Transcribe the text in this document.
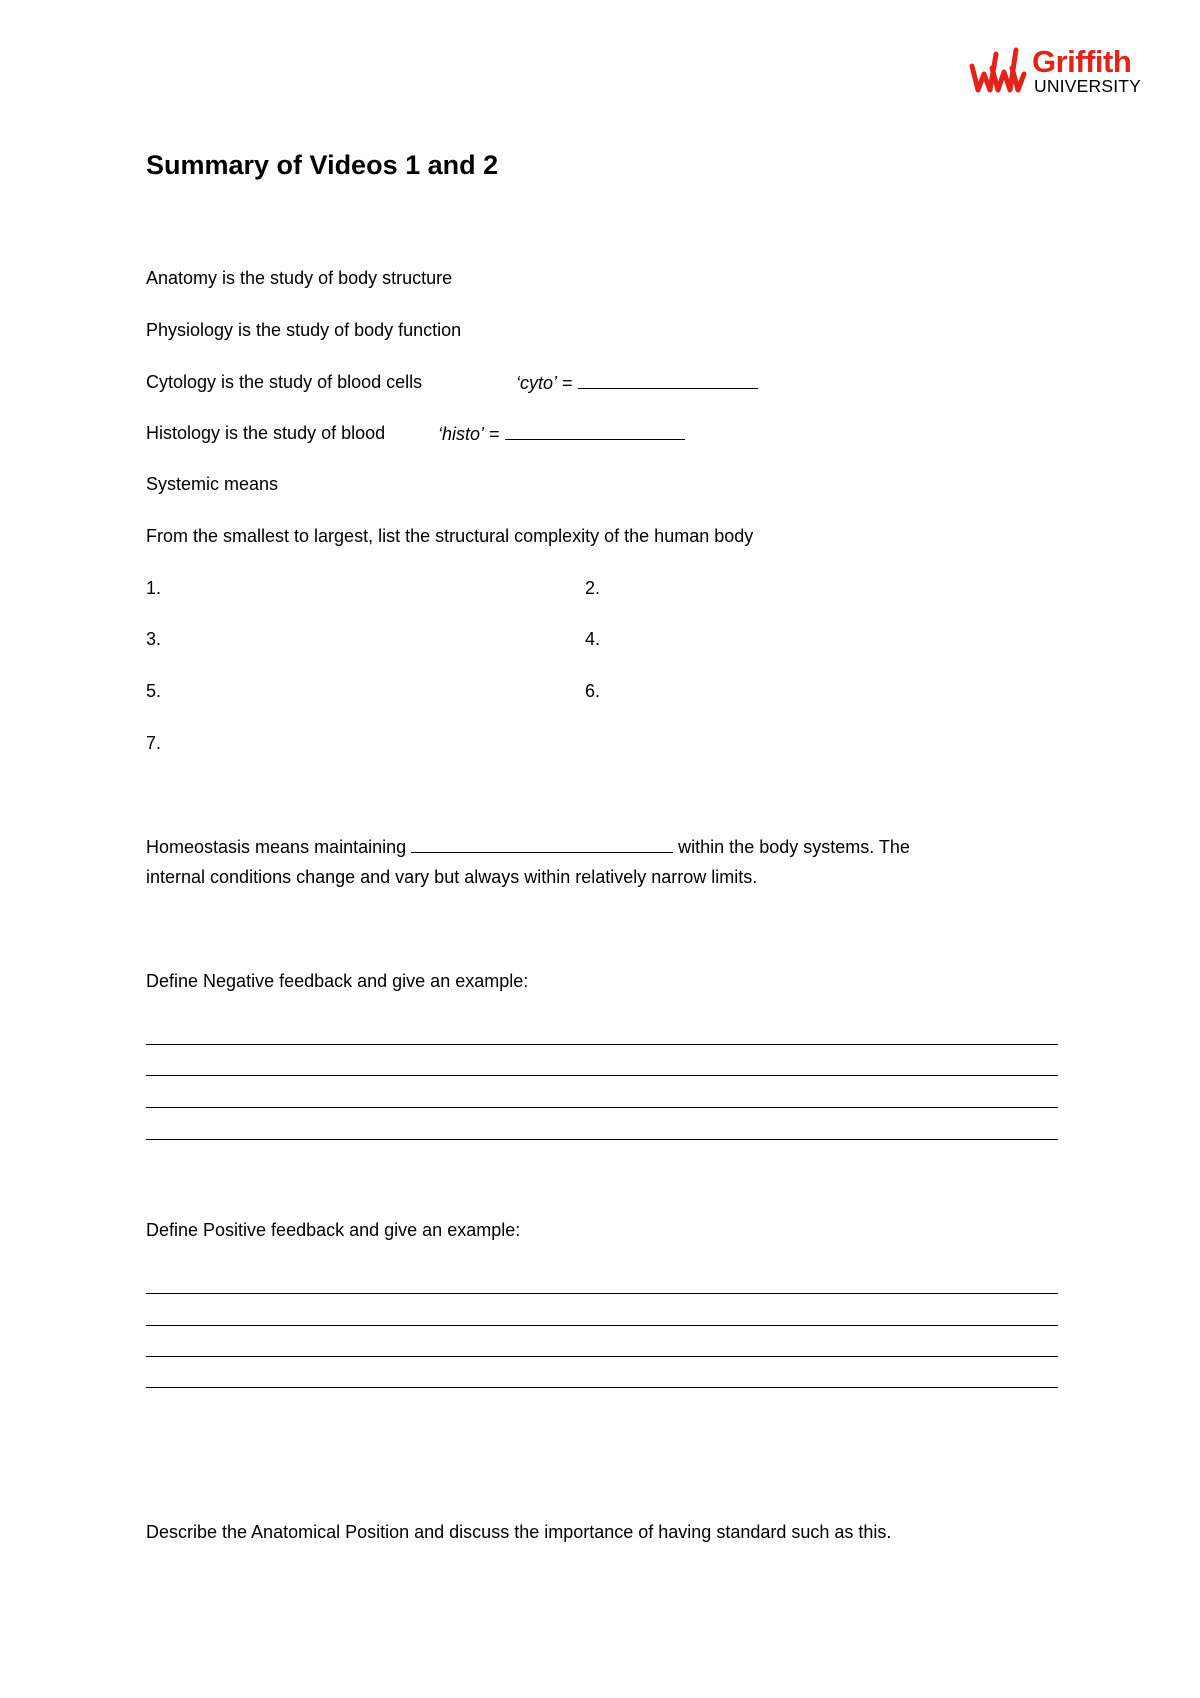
Griffith
UNIVERSITY
Summary of Videos 1 and 2
Anatomy is the study of body structure
Physiology is the study of body function
Cytology is the study of blood cells	‘cyto’ =
Histology is the study of blood	‘histo’ =
Systemic means
From the smallest to largest, list the structural complexity of the human body
1.	2.
3.	4.
5.	6.
7.
Homeostasis means maintaining	within the body systems. The
internal conditions change and vary but always within relatively narrow limits.
Define Negative feedback and give an example:
Define Positive feedback and give an example:
Describe the Anatomical Position and discuss the importance of having standard such as this.
